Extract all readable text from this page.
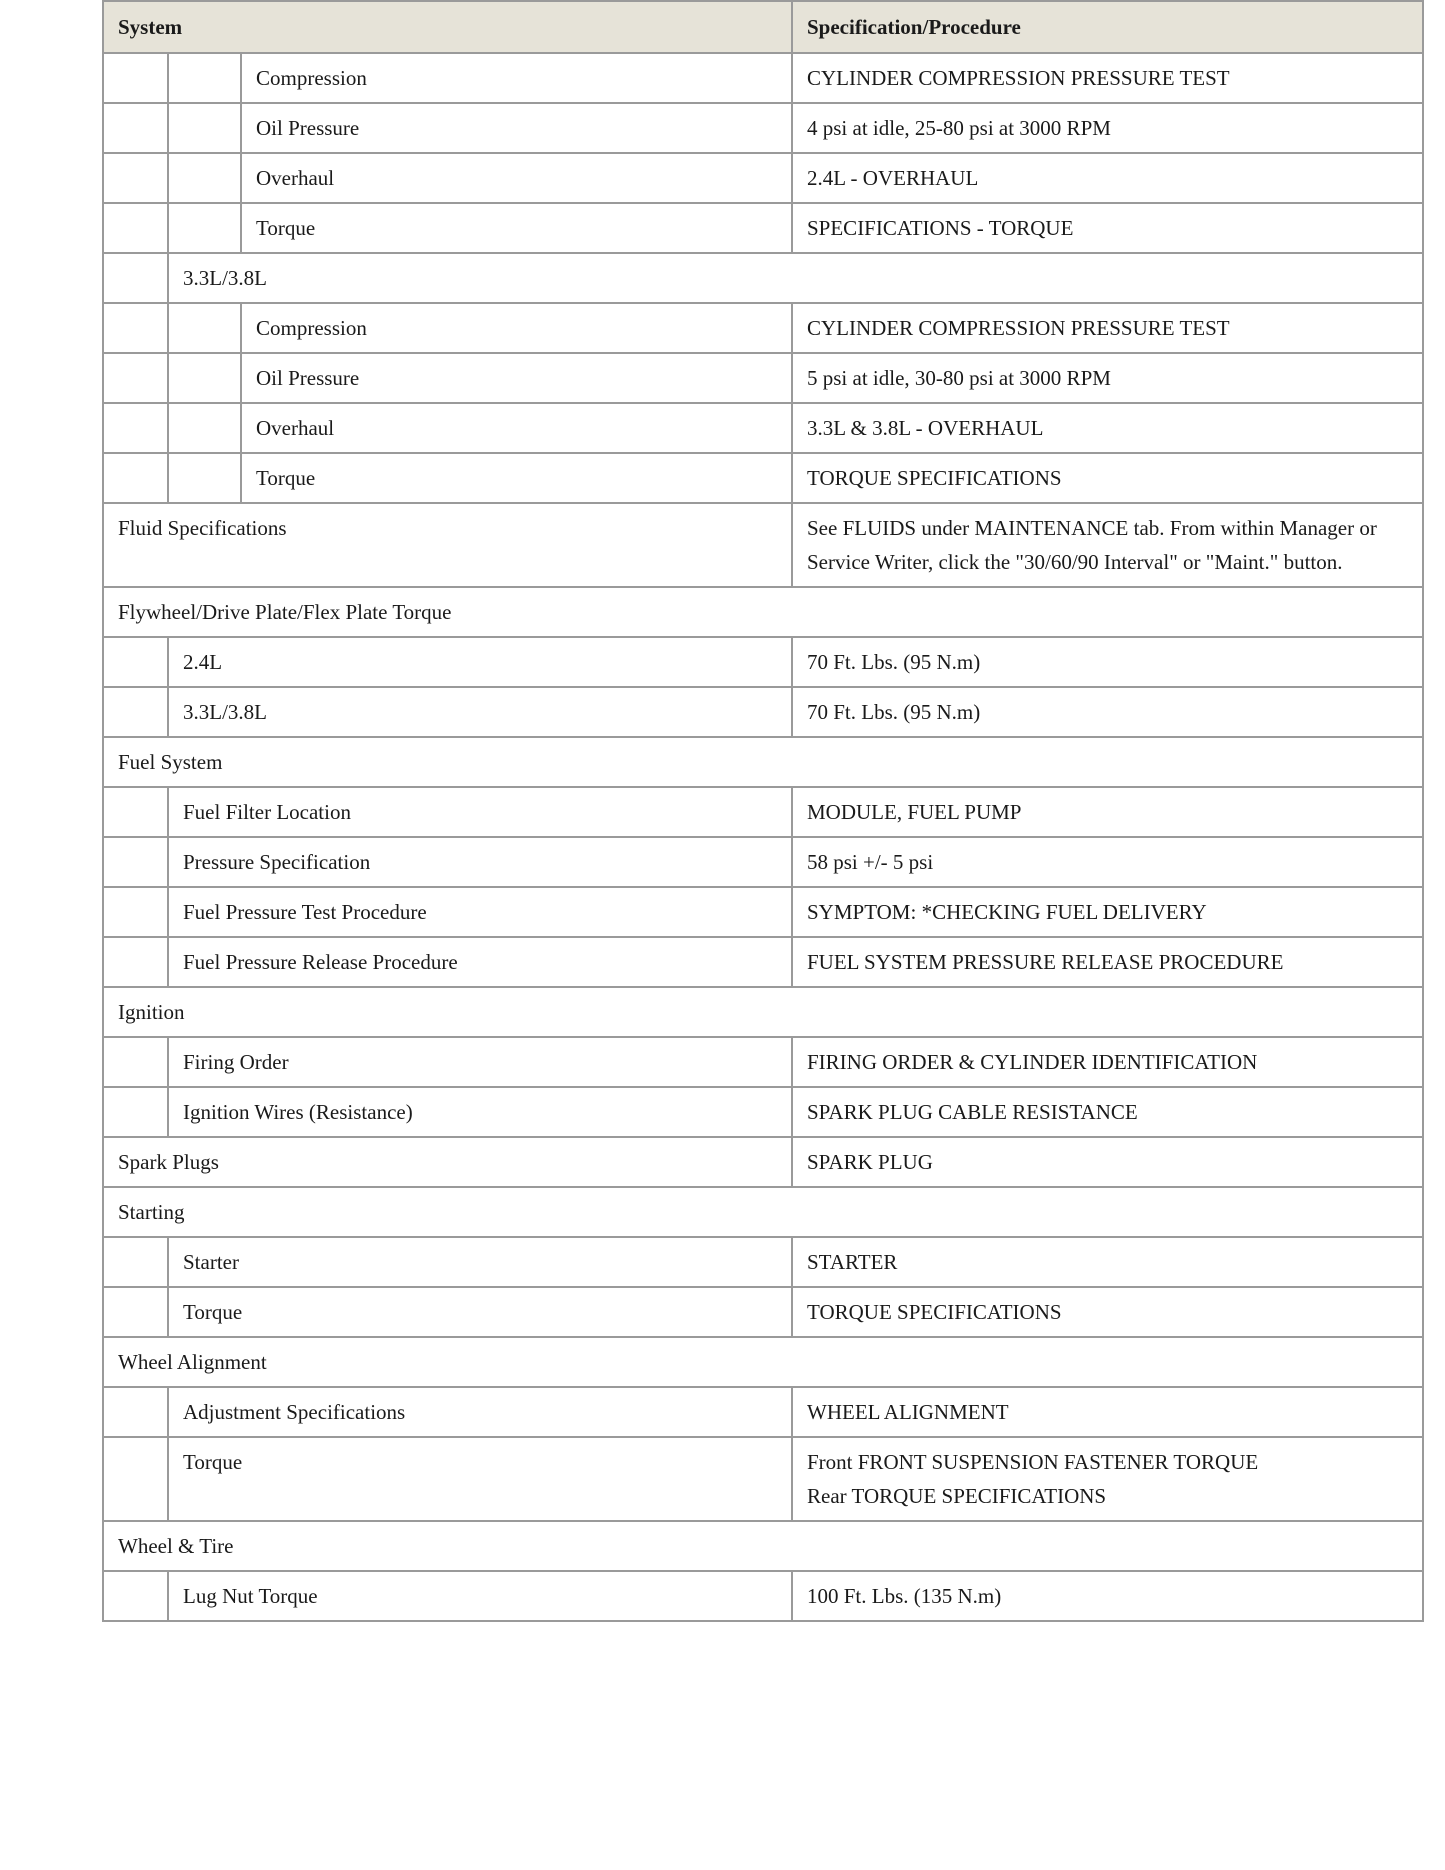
System			Specification/Procedure
		Compression	CYLINDER COMPRESSION PRESSURE TEST
		Oil Pressure	4 psi at idle, 25-80 psi at 3000 RPM
		Overhaul	2.4L - OVERHAUL
		Torque	SPECIFICATIONS - TORQUE
	3.3L/3.8L		
		Compression	CYLINDER COMPRESSION PRESSURE TEST
		Oil Pressure	5 psi at idle, 30-80 psi at 3000 RPM
		Overhaul	3.3L & 3.8L - OVERHAUL
		Torque	TORQUE SPECIFICATIONS
Fluid Specifications			See FLUIDS under MAINTENANCE tab. From within Manager or Service Writer, click the "30/60/90 Interval" or "Maint." button.
Flywheel/Drive Plate/Flex Plate Torque			
	2.4L		70 Ft. Lbs. (95 N.m)
	3.3L/3.8L		70 Ft. Lbs. (95 N.m)
Fuel System			
	Fuel Filter Location		MODULE, FUEL PUMP
	Pressure Specification		58 psi +/- 5 psi
	Fuel Pressure Test Procedure		SYMPTOM: *CHECKING FUEL DELIVERY
	Fuel Pressure Release Procedure		FUEL SYSTEM PRESSURE RELEASE PROCEDURE
Ignition			
	Firing Order		FIRING ORDER & CYLINDER IDENTIFICATION
	Ignition Wires (Resistance)		SPARK PLUG CABLE RESISTANCE
Spark Plugs			SPARK PLUG
Starting			
	Starter		STARTER
	Torque		TORQUE SPECIFICATIONS
Wheel Alignment			
	Adjustment Specifications		WHEEL ALIGNMENT
	Torque		Front FRONT SUSPENSION FASTENER TORQUE
Rear TORQUE SPECIFICATIONS

Wheel & Tire			
	Lug Nut Torque		100 Ft. Lbs. (135 N.m)
